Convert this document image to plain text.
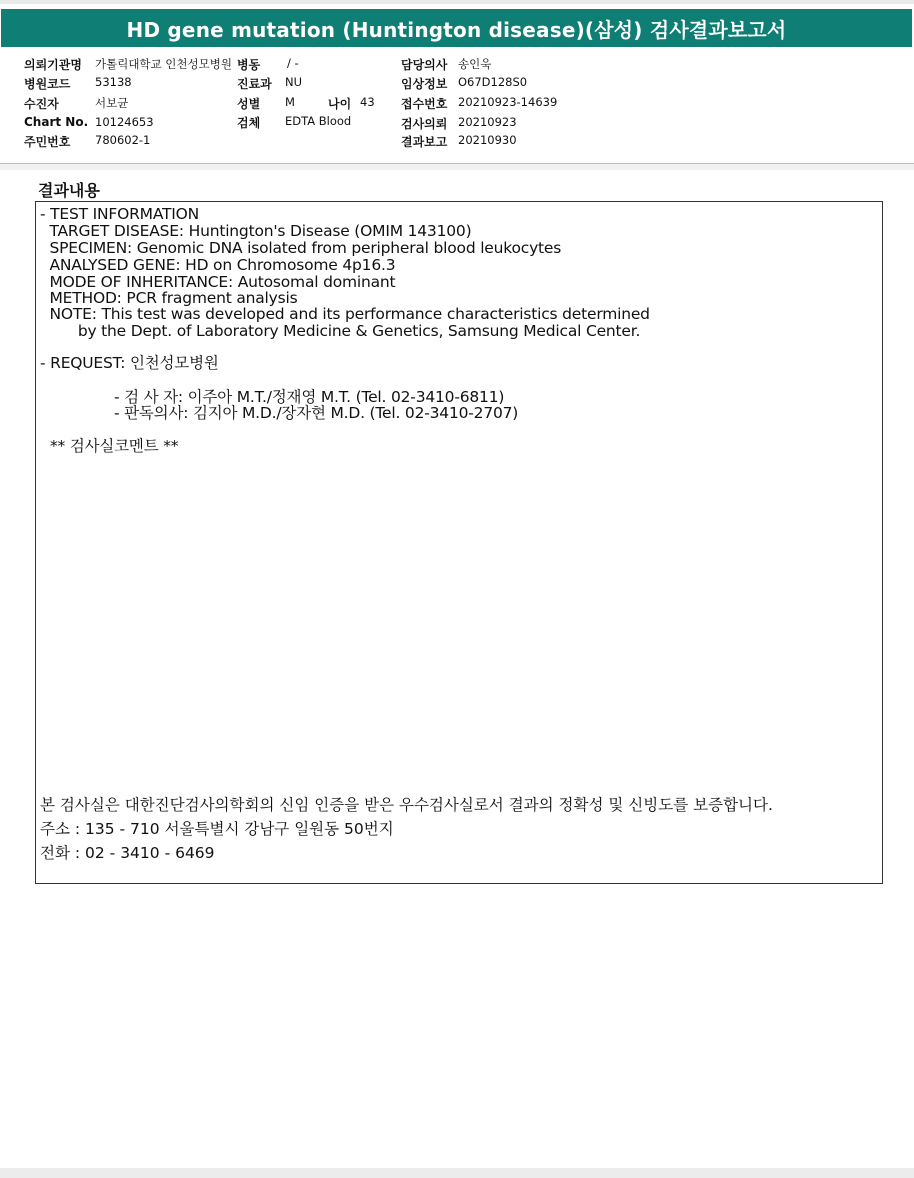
HD gene mutation (Huntington disease)(삼성) 검사결과보고서
의뢰기관명 가톨릭대학교 인천성모병원
병원코드 53138
수진자	서보균
Chart No. 10124653
주민번호 780602-1
병동 / -
진료과 NU
성별 M	나이 43
검체 EDTA Blood
담당의사 송인욱
임상정보 O67D128S0
접수번호 20210923-14639
검사의뢰 20210923
결과보고 20210930
결과내용
- TEST INFORMATION
TARGET DISEASE: Huntington's Disease (OMIM 143100)
SPECIMEN: Genomic DNA isolated from peripheral blood leukocytes
ANALYSED GENE: HD on Chromosome 4p16.3
MODE OF INHERITANCE: Autosomal dominant
METHOD: PCR fragment analysis
NOTE: This test was developed and its performance characteristics determined
by the Dept. of Laboratory Medicine & Genetics, Samsung Medical Center.
- REQUEST: 인천성모병원
- 검 사 자: 이주아 M.T./정재영 M.T. (Tel. 02-3410-6811)
- 판독의사: 김지아 M.D./장자현 M.D. (Tel. 02-3410-2707)
** 검사실코멘트 **
본 검사실은 대한진단검사의학회의 신임 인증을 받은 우수검사실로서 결과의 정확성 및 신빙도를 보증합니다.
주소 : 135 - 710 서울특별시 강남구 일원동 50번지
전화 : 02 - 3410 - 6469
